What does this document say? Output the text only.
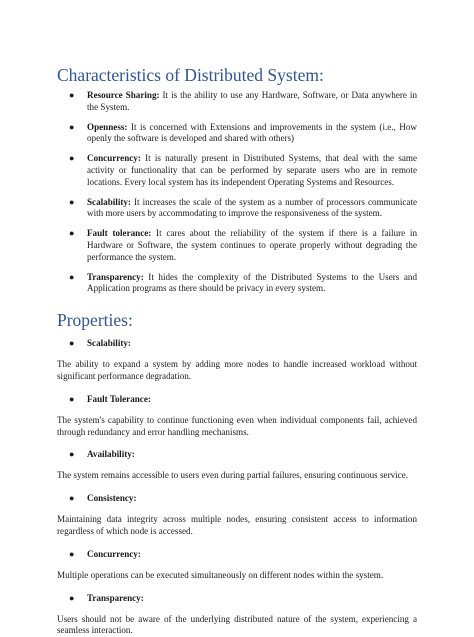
Characteristics of Distributed System:
● Resource Sharing: It is the ability to use any Hardware, Software, or Data anywhere in the System.
● Openness: It is concerned with Extensions and improvements in the system (i.e., How openly the software is developed and shared with others)
● Concurrency: It is naturally present in Distributed Systems, that deal with the same activity or functionality that can be performed by separate users who are in remote locations. Every local system has its independent Operating Systems and Resources.
● Scalability: It increases the scale of the system as a number of processors communicate with more users by accommodating to improve the responsiveness of the system.
● Fault tolerance: It cares about the reliability of the system if there is a failure in Hardware or Software, the system continues to operate properly without degrading the performance the system.
● Transparency: It hides the complexity of the Distributed Systems to the Users and Application programs as there should be privacy in every system.
Properties:
● Scalability:

The ability to expand a system by adding more nodes to handle increased workload without significant performance degradation.

● Fault Tolerance:

The system's capability to continue functioning even when individual components fail, achieved through redundancy and error handling mechanisms.

● Availability:

The system remains accessible to users even during partial failures, ensuring continuous service.

● Consistency:

Maintaining data integrity across multiple nodes, ensuring consistent access to information regardless of which node is accessed.

● Concurrency:

Multiple operations can be executed simultaneously on different nodes within the system.

● Transparency:

Users should not be aware of the underlying distributed nature of the system, experiencing a seamless interaction.
